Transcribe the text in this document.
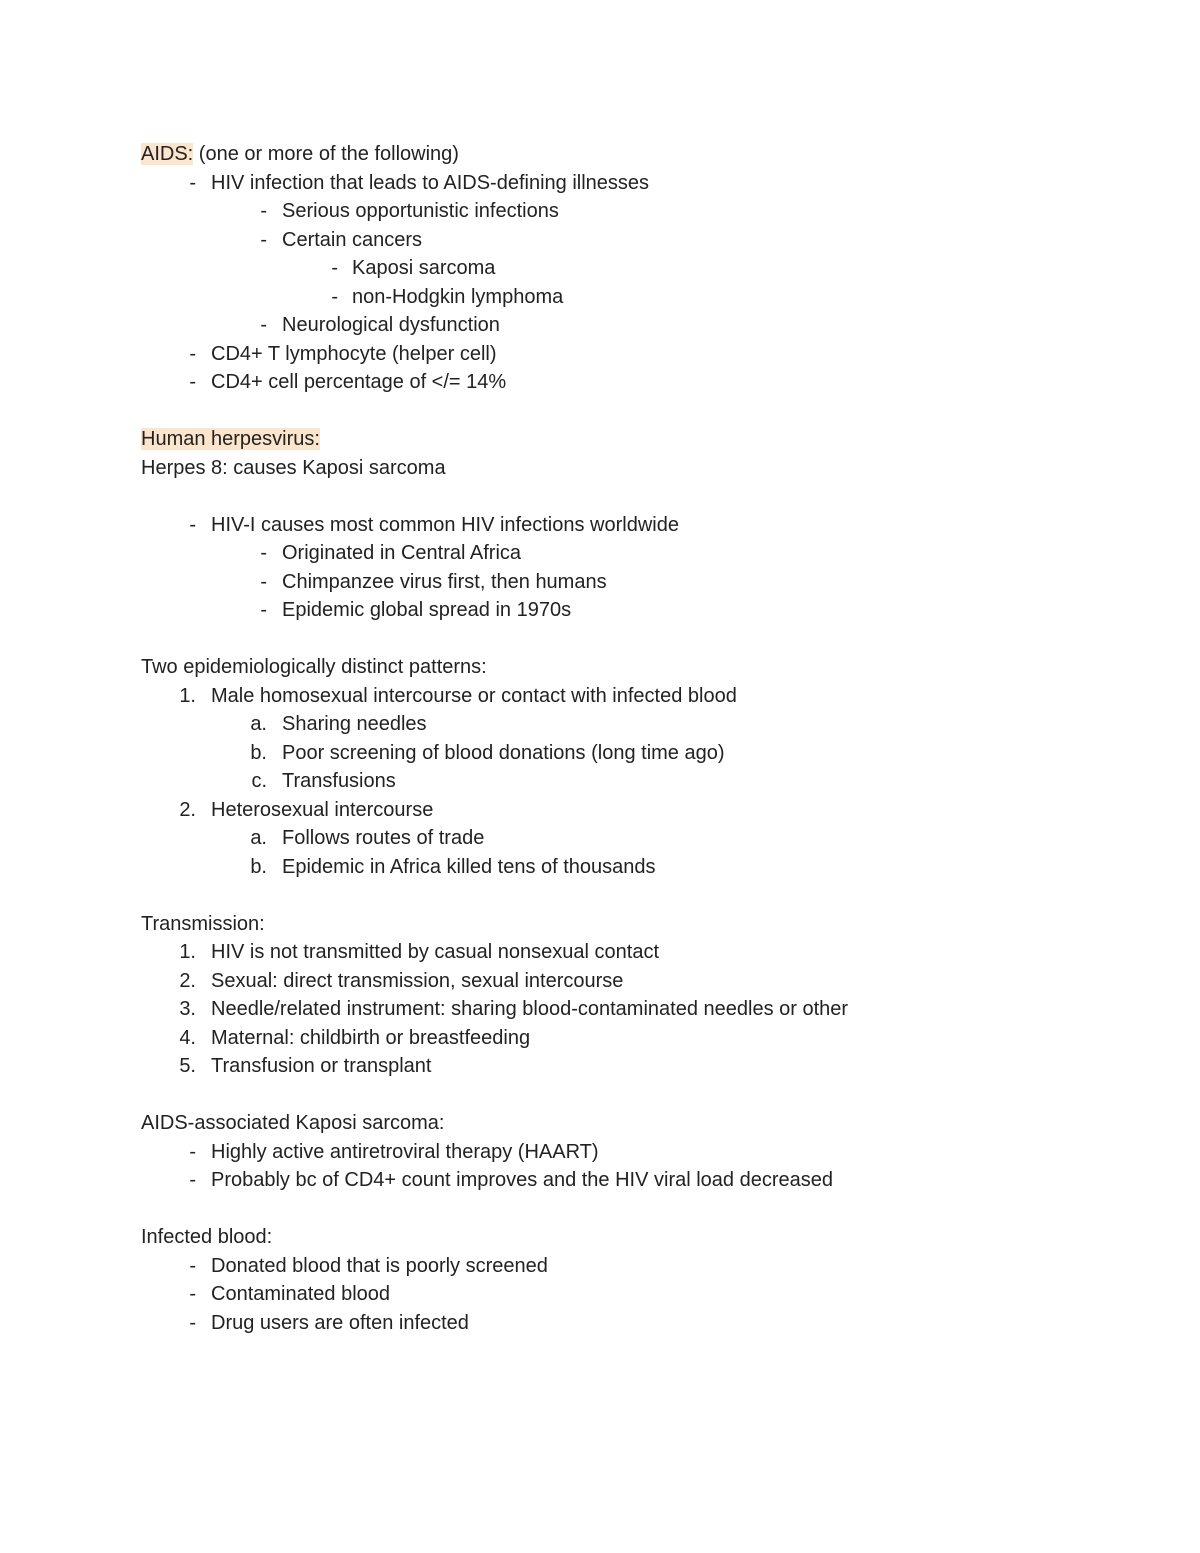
AIDS: (one or more of the following)
- HIV infection that leads to AIDS-defining illnesses
- Serious opportunistic infections
- Certain cancers
- Kaposi sarcoma
- non-Hodgkin lymphoma
- Neurological dysfunction
- CD4+ T lymphocyte (helper cell)
- CD4+ cell percentage of </= 14%
Human herpesvirus:
Herpes 8: causes Kaposi sarcoma
- HIV-I causes most common HIV infections worldwide
- Originated in Central Africa
- Chimpanzee virus first, then humans
- Epidemic global spread in 1970s
Two epidemiologically distinct patterns:
1. Male homosexual intercourse or contact with infected blood
a. Sharing needles
b. Poor screening of blood donations (long time ago)
c. Transfusions
2. Heterosexual intercourse
a. Follows routes of trade
b. Epidemic in Africa killed tens of thousands
Transmission:
1. HIV is not transmitted by casual nonsexual contact
2. Sexual: direct transmission, sexual intercourse
3. Needle/related instrument: sharing blood-contaminated needles or other
4. Maternal: childbirth or breastfeeding
5. Transfusion or transplant
AIDS-associated Kaposi sarcoma:
- Highly active antiretroviral therapy (HAART)
- Probably bc of CD4+ count improves and the HIV viral load decreased
Infected blood:
- Donated blood that is poorly screened
- Contaminated blood
- Drug users are often infected
